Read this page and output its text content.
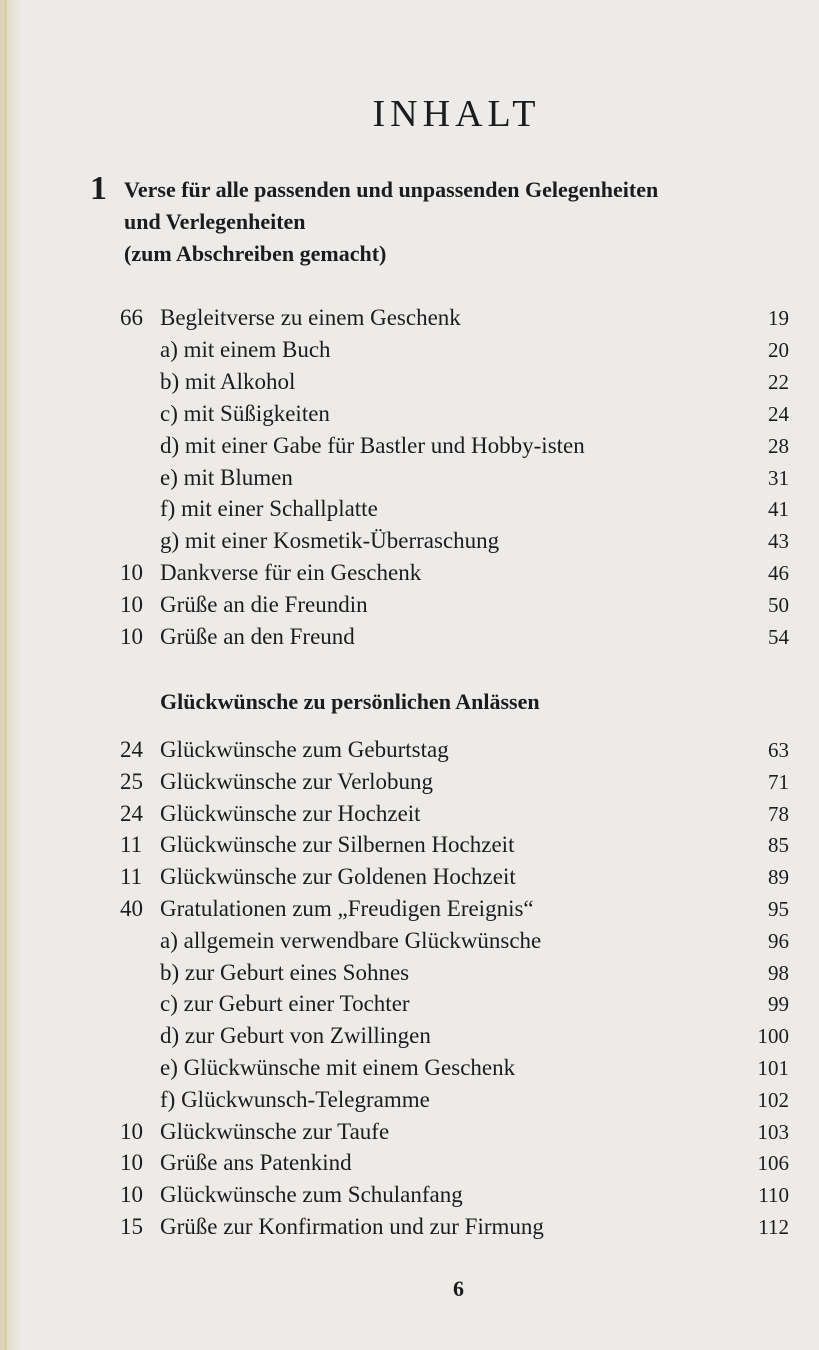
INHALT
1 Verse für alle passenden und unpassenden Gelegenheiten
und Verlegenheiten
(zum Abschreiben gemacht)
66 Begleitverse zu einem Geschenk	19
a) mit einem Buch	20
b) mit Alkohol	22
c) mit Süßigkeiten	24
d) mit einer Gabe für Bastler und Hobby-isten	28
e) mit Blumen	31
f) mit einer Schallplatte	41
g) mit einer Kosmetik-Überraschung	43
10 Dankverse für ein Geschenk	46
10 Grüße an die Freundin	50
10 Grüße an den Freund	54
Glückwünsche zu persönlichen Anlässen
24 Glückwünsche zum Geburtstag	63
25 Glückwünsche zur Verlobung	71
24 Glückwünsche zur Hochzeit	78
11 Glückwünsche zur Silbernen Hochzeit	85
11 Glückwünsche zur Goldenen Hochzeit	89
40 Gratulationen zum „Freudigen Ereignis“	95
a) allgemein verwendbare Glückwünsche	96
b) zur Geburt eines Sohnes	98
c) zur Geburt einer Tochter	99
d) zur Geburt von Zwillingen	100
e) Glückwünsche mit einem Geschenk	101
f) Glückwunsch-Telegramme	102
10 Glückwünsche zur Taufe	103
10 Grüße ans Patenkind	106
10 Glückwünsche zum Schulanfang	110
15 Grüße zur Konfirmation und zur Firmung	112
6
